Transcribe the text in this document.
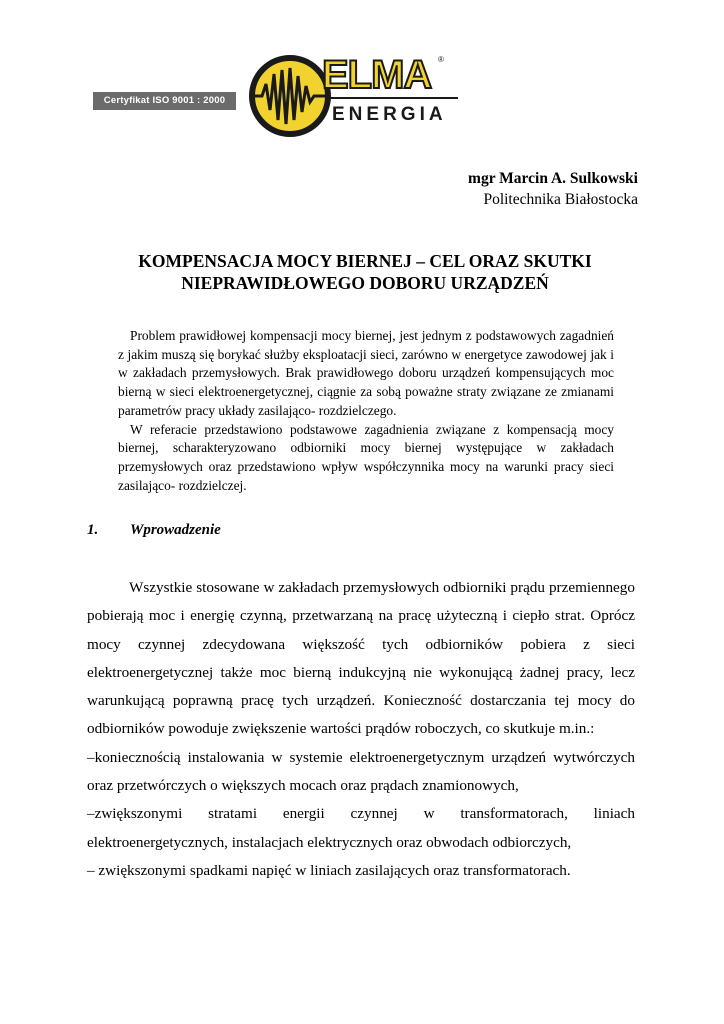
Certyfikat ISO 9001 : 2000
ELMA ®
ENERGIA
mgr Marcin A. Sulkowski
Politechnika Białostocka
KOMPENSACJA MOCY BIERNEJ – CEL ORAZ SKUTKI
NIEPRAWIDŁOWEGO DOBORU URZĄDZEŃ

Problem prawidłowej kompensacji mocy biernej, jest jednym z podstawowych zagadnień z jakim muszą się borykać służby eksploatacji sieci, zarówno w energetyce zawodowej jak i w zakładach przemysłowych. Brak prawidłowego doboru urządzeń kompensujących moc bierną w sieci elektroenergetycznej, ciągnie za sobą poważne straty związane ze zmianami parametrów pracy układy zasilająco- rozdzielczego.

W referacie przedstawiono podstawowe zagadnienia związane z kompensacją mocy biernej, scharakteryzowano odbiorniki mocy biernej występujące w zakładach przemysłowych oraz przedstawiono wpływ współczynnika mocy na warunki pracy sieci zasilająco- rozdzielczej.

1. Wprowadzenie

Wszystkie stosowane w zakładach przemysłowych odbiorniki prądu przemiennego pobierają moc i energię czynną, przetwarzaną na pracę użyteczną i ciepło strat. Oprócz mocy czynnej zdecydowana większość tych odbiorników pobiera z sieci elektroenergetycznej także moc bierną indukcyjną nie wykonującą żadnej pracy, lecz warunkującą poprawną pracę tych urządzeń. Konieczność dostarczania tej mocy do odbiorników powoduje zwiększenie wartości prądów roboczych, co skutkuje m.in.:

–koniecznością instalowania w systemie elektroenergetycznym urządzeń wytwórczych oraz przetwórczych o większych mocach oraz prądach znamionowych,

–zwiększonymi stratami energii czynnej w transformatorach, liniach elektroenergetycznych, instalacjach elektrycznych oraz obwodach odbiorczych,

– zwiększonymi spadkami napięć w liniach zasilających oraz transformatorach.
